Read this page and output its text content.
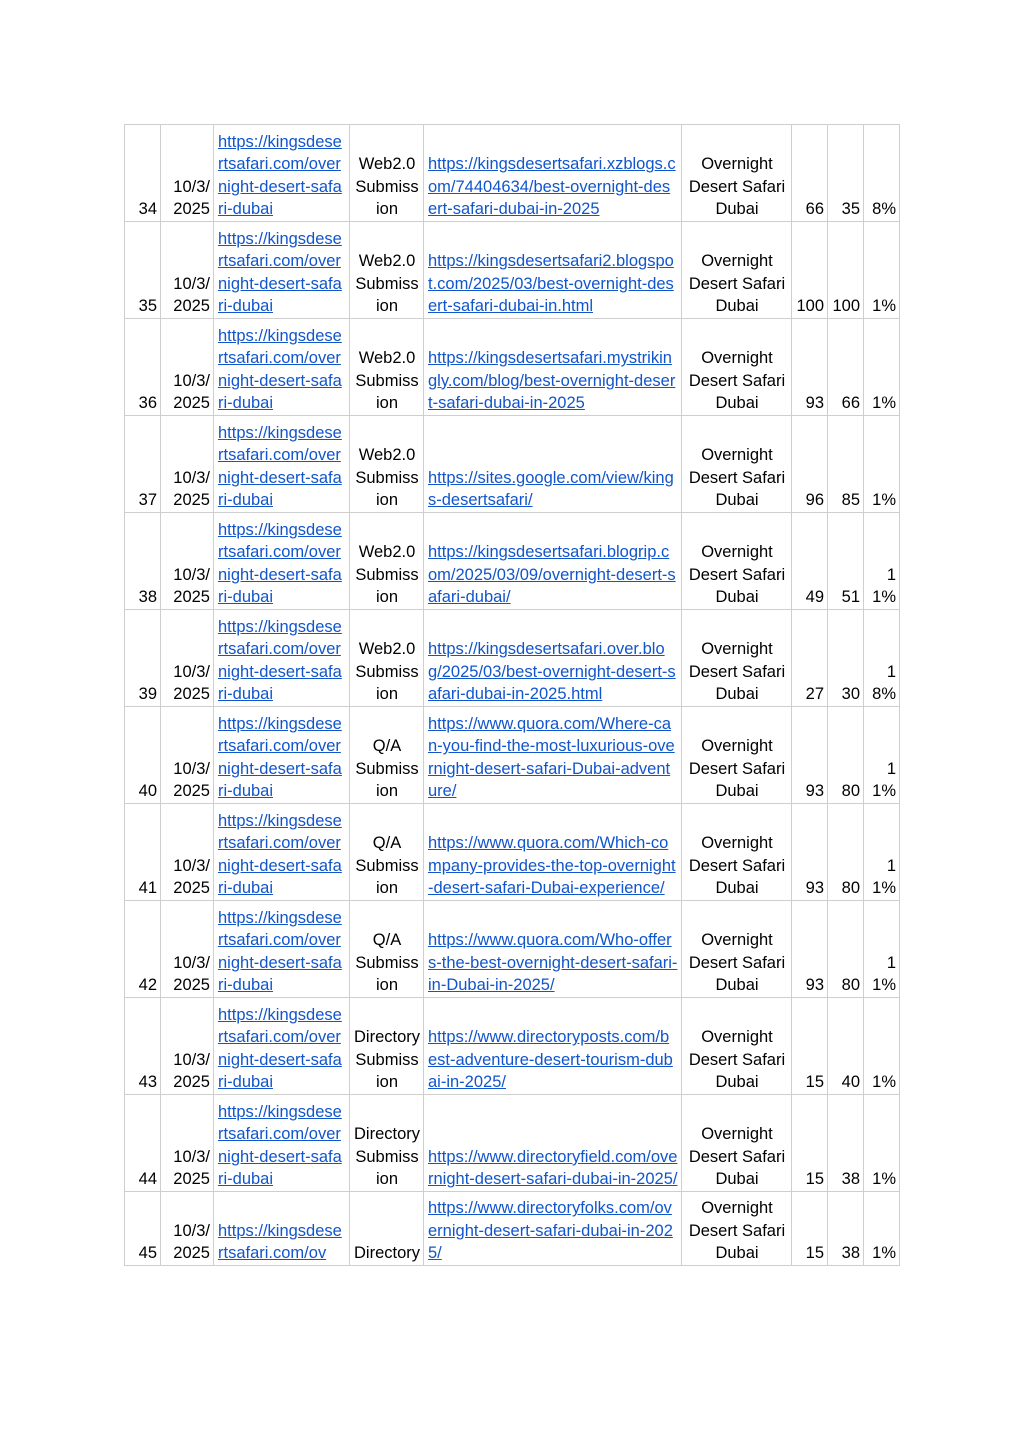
34	10/3/2025	https://kingsdesertsafari.com/overnight-desert-safari-dubai	Web2.0 Submission	https://kingsdesertsafari.xzblogs.com/74404634/best-overnight-desert-safari-dubai-in-2025	Overnight Desert Safari Dubai	66	35	8%
35	10/3/2025	https://kingsdesertsafari.com/overnight-desert-safari-dubai	Web2.0 Submission	https://kingsdesertsafari2.blogspot.com/2025/03/best-overnight-desert-safari-dubai-in.html	Overnight Desert Safari Dubai	100	100	1%
36	10/3/2025	https://kingsdesertsafari.com/overnight-desert-safari-dubai	Web2.0 Submission	https://kingsdesertsafari.mystrikingly.com/blog/best-overnight-desert-safari-dubai-in-2025	Overnight Desert Safari Dubai	93	66	1%
37	10/3/2025	https://kingsdesertsafari.com/overnight-desert-safari-dubai	Web2.0 Submission	https://sites.google.com/view/kings-desertsafari/	Overnight Desert Safari Dubai	96	85	1%
38	10/3/2025	https://kingsdesertsafari.com/overnight-desert-safari-dubai	Web2.0 Submission	https://kingsdesertsafari.blogrip.com/2025/03/09/overnight-desert-safari-dubai/	Overnight Desert Safari Dubai	49	51	11%
39	10/3/2025	https://kingsdesertsafari.com/overnight-desert-safari-dubai	Web2.0 Submission	https://kingsdesertsafari.over.blog/2025/03/best-overnight-desert-safari-dubai-in-2025.html	Overnight Desert Safari Dubai	27	30	18%
40	10/3/2025	https://kingsdesertsafari.com/overnight-desert-safari-dubai	Q/A Submission	https://www.quora.com/Where-can-you-find-the-most-luxurious-overnight-desert-safari-Dubai-adventure/	Overnight Desert Safari Dubai	93	80	11%
41	10/3/2025	https://kingsdesertsafari.com/overnight-desert-safari-dubai	Q/A Submission	https://www.quora.com/Which-company-provides-the-top-overnight-desert-safari-Dubai-experience/	Overnight Desert Safari Dubai	93	80	11%
42	10/3/2025	https://kingsdesertsafari.com/overnight-desert-safari-dubai	Q/A Submission	https://www.quora.com/Who-offers-the-best-overnight-desert-safari-in-Dubai-in-2025/	Overnight Desert Safari Dubai	93	80	11%
43	10/3/2025	https://kingsdesertsafari.com/overnight-desert-safari-dubai	Directory Submission	https://www.directoryposts.com/best-adventure-desert-tourism-dubai-in-2025/	Overnight Desert Safari Dubai	15	40	1%
44	10/3/2025	https://kingsdesertsafari.com/overnight-desert-safari-dubai	Directory Submission	https://www.directoryfield.com/overnight-desert-safari-dubai-in-2025/	Overnight Desert Safari Dubai	15	38	1%
45	10/3/2025	https://kingsdesertsafari.com/ov	Directory	https://www.directoryfolks.com/overnight-desert-safari-dubai-in-2025/	Overnight Desert Safari Dubai	15	38	1%
